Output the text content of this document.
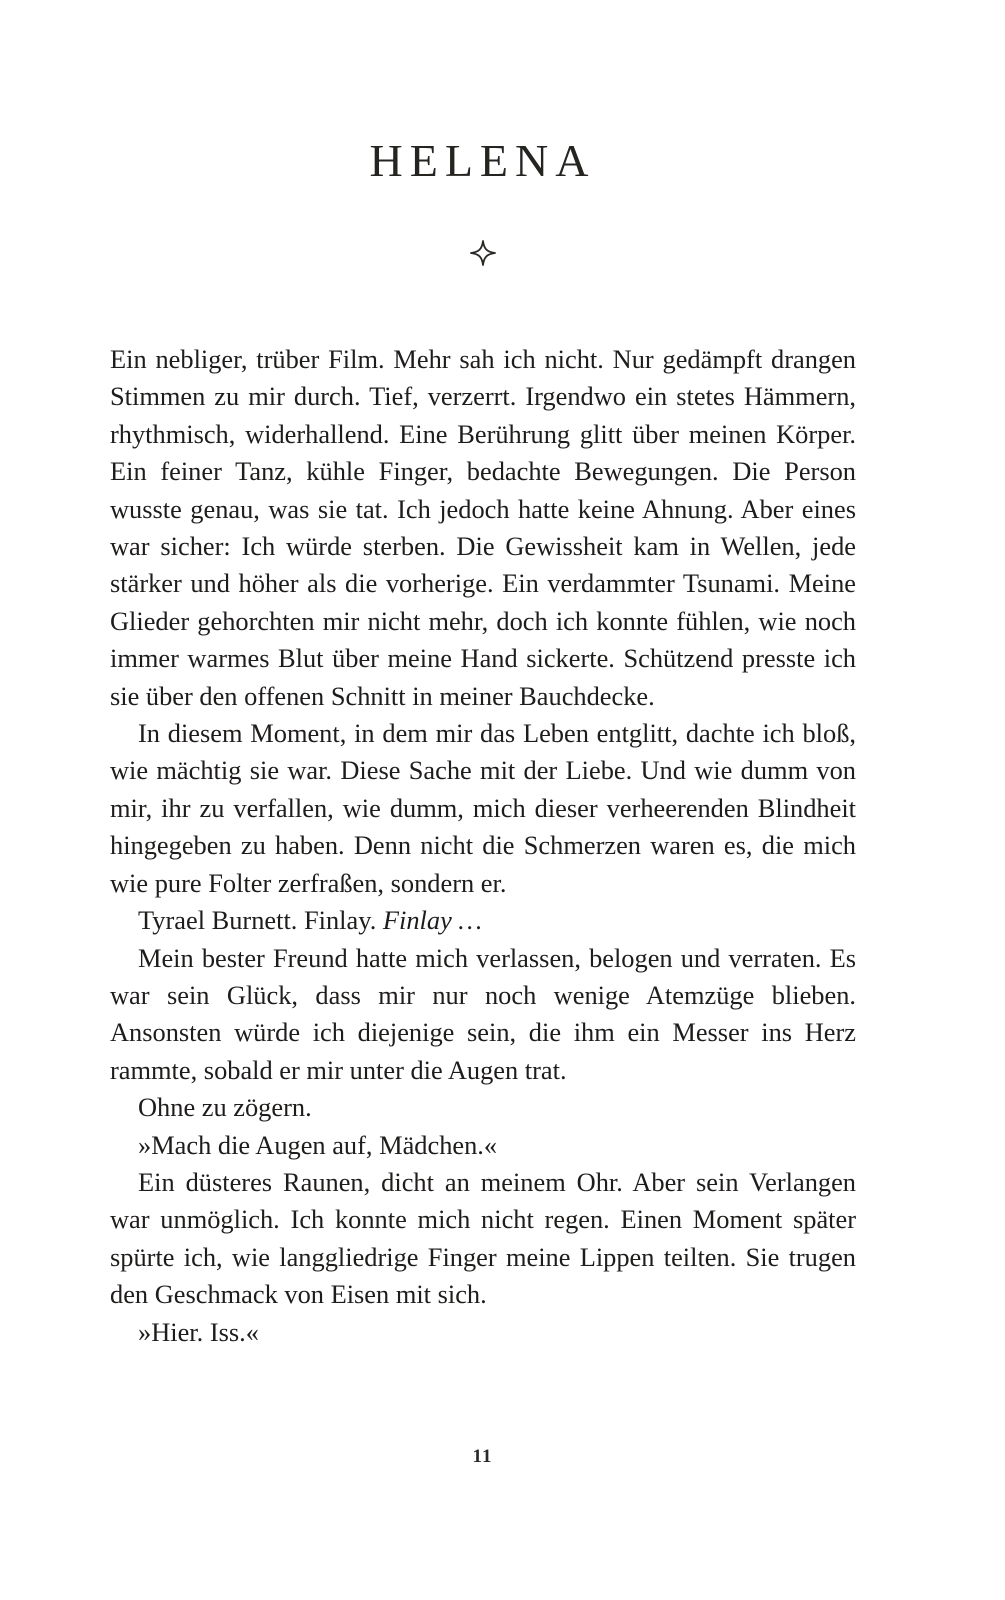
HELENA

Ein nebliger, trüber Film. Mehr sah ich nicht. Nur gedämpft drangen Stimmen zu mir durch. Tief, verzerrt. Irgendwo ein stetes Hämmern, rhythmisch, widerhallend. Eine Berührung glitt über meinen Körper. Ein feiner Tanz, kühle Finger, bedachte Bewegungen. Die Person wusste genau, was sie tat. Ich jedoch hatte keine Ahnung. Aber eines war sicher: Ich würde sterben. Die Gewissheit kam in Wellen, jede stärker und höher als die vorherige. Ein verdammter Tsunami. Meine Glieder gehorchten mir nicht mehr, doch ich konnte fühlen, wie noch immer warmes Blut über meine Hand sickerte. Schützend presste ich sie über den offenen Schnitt in meiner Bauchdecke.

In diesem Moment, in dem mir das Leben entglitt, dachte ich bloß, wie mächtig sie war. Diese Sache mit der Liebe. Und wie dumm von mir, ihr zu verfallen, wie dumm, mich dieser verheerenden Blindheit hingegeben zu haben. Denn nicht die Schmerzen waren es, die mich wie pure Folter zerfraßen, sondern er.

Tyrael Burnett. Finlay. Finlay …

Mein bester Freund hatte mich verlassen, belogen und verraten. Es war sein Glück, dass mir nur noch wenige Atemzüge blieben. Ansonsten würde ich diejenige sein, die ihm ein Messer ins Herz rammte, sobald er mir unter die Augen trat.

Ohne zu zögern.

»Mach die Augen auf, Mädchen.«

Ein düsteres Raunen, dicht an meinem Ohr. Aber sein Verlangen war unmöglich. Ich konnte mich nicht regen. Einen Moment später spürte ich, wie langgliedrige Finger meine Lippen teilten. Sie trugen den Geschmack von Eisen mit sich.

»Hier. Iss.«

11
